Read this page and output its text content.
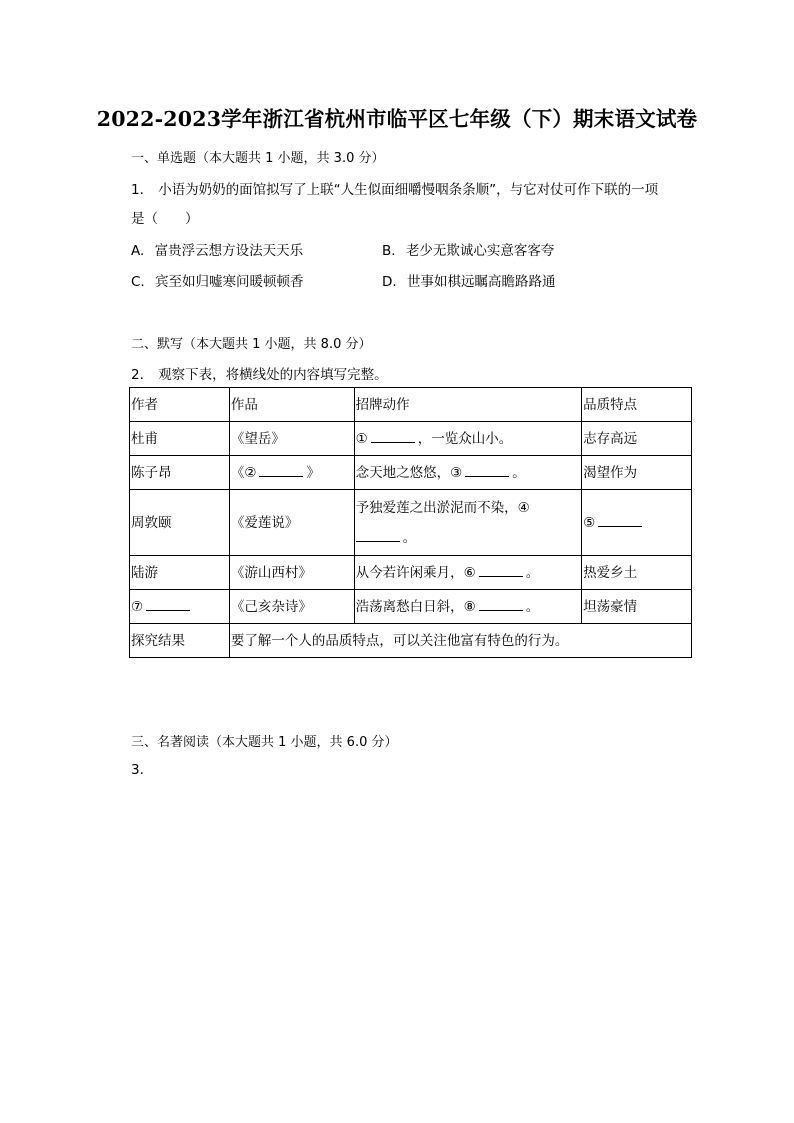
2022-2023学年浙江省杭州市临平区七年级（下）期末语文试卷
一、单选题（本大题共 1 小题，共 3.0 分）
1. 小语为奶奶的面馆拟写了上联“人生似面细嚼慢咽条条顺”，与它对仗可作下联的一项
是（　　）
A. 富贵浮云想方设法天天乐	B. 老少无欺诚心实意客客夸
C. 宾至如归嘘寒问暖顿顿香	D. 世事如棋远瞩高瞻路路通
二、默写（本大题共 1 小题，共 8.0 分）
2. 观察下表，将横线处的内容填写完整。
作者	作品	招牌动作	品质特点
杜甫	《望岳》	① ，一览众山小。	志存高远
陈子昂	《② 》	念天地之悠悠，③ 。	渴望作为
周敦颐	《爱莲说》	予独爱莲之出淤泥而不染，④
。	⑤
陆游	《游山西村》	从今若许闲乘月，⑥ 。	热爱乡土
⑦	《己亥杂诗》	浩荡离愁白日斜，⑧ 。	坦荡豪情
探究结果	要了解一个人的品质特点，可以关注他富有特色的行为。		
三、名著阅读（本大题共 1 小题，共 6.0 分）
3.
